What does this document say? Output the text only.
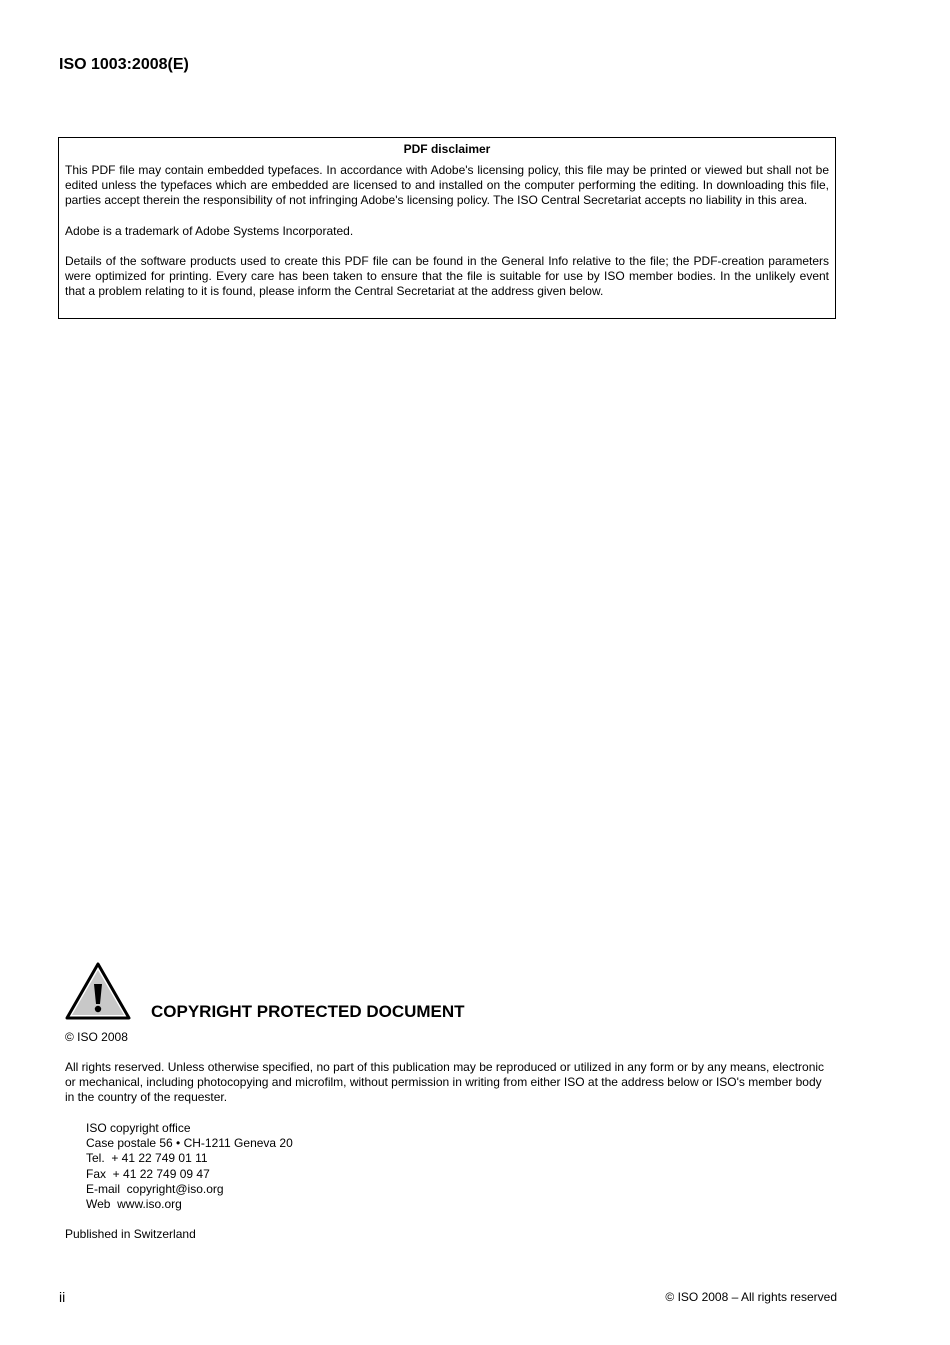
ISO 1003:2008(E)
PDF disclaimer

This PDF file may contain embedded typefaces. In accordance with Adobe's licensing policy, this file may be printed or viewed but shall not be edited unless the typefaces which are embedded are licensed to and installed on the computer performing the editing. In downloading this file, parties accept therein the responsibility of not infringing Adobe's licensing policy. The ISO Central Secretariat accepts no liability in this area.

Adobe is a trademark of Adobe Systems Incorporated.

Details of the software products used to create this PDF file can be found in the General Info relative to the file; the PDF-creation parameters were optimized for printing. Every care has been taken to ensure that the file is suitable for use by ISO member bodies. In the unlikely event that a problem relating to it is found, please inform the Central Secretariat at the address given below.

COPYRIGHT PROTECTED DOCUMENT
© ISO 2008
All rights reserved. Unless otherwise specified, no part of this publication may be reproduced or utilized in any form or by any means, electronic or mechanical, including photocopying and microfilm, without permission in writing from either ISO at the address below or ISO's member body in the country of the requester.
ISO copyright office
Case postale 56 • CH-1211 Geneva 20
Tel.  + 41 22 749 01 11
Fax  + 41 22 749 09 47
E-mail  copyright@iso.org
Web  www.iso.org
Published in Switzerland
ii	© ISO 2008 – All rights reserved
